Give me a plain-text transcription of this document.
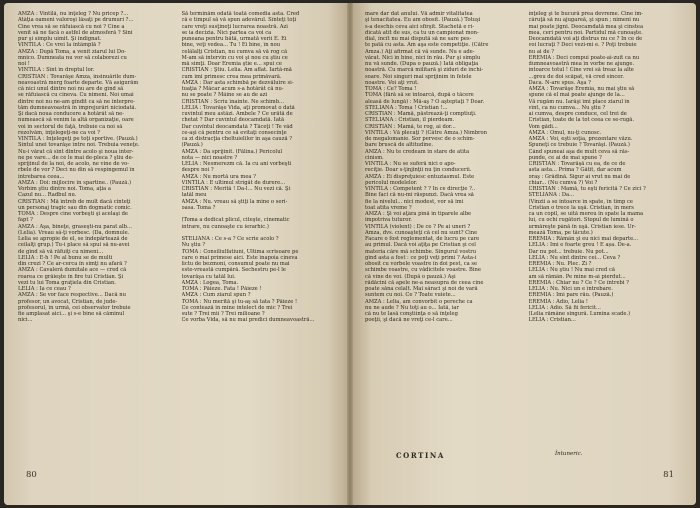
AMZA : Vintilă, nu înţeleg ? Nu pricep ?...
Atâţia oameni valoroşi lăsaţi pe drumuri ?...
Cine vrea să se răfuiască cu noi ? Cine a
venit să ne facă o astfel de atmosferă ? Sini
pur şi simplu uimit. Şi indignat.
VINTILĂ : Ce vrei la întâmplă ?
AMZA : După Toma, a venit ziarul lui Do-
mnico. Dumneata nu vor să colaborezi cu
noi !
VINTILĂ : Sînt în dreptul lor.
CRISTIAN : Tovarăşe Amza, insinuările dum-
neavoastră merg foarte departe. Vă asigurăm
că nici unul dintre noi nu are de gînd să
se răfuiască cu cineva. Cu nimeni. Noi umai
dintre noi nu ne-am gîndit ca să ne interpre-
tăm dumneavoastră în împrejurări niciodată.
Şi dacă noua conducere a hotărât să ne-
numească să venim la altă organizaţie, oare
voi în sectorul de faţă, trebuie ca noi să
rezolvăm, înţelegeţi-ne ca voi ?
VINTILĂ : Inţelegeţi pe toţi sportive. (Pauză.)
Sintul unei tovarăşe între noi. Trebuia veneţe.
Nu-i vărat că sînt dintre acolo şi noua inter-
ne pe vare... de ce le mai de-pleca ? ştiu de-
sprijinul de la noi, de acolo, ne vine de vo-
rbele de vor ? Deci nu din să respingemul în
intrebarea ceea...
AMZA : Doi: mijlocire în spartine.. (Pauză.)
Vorbim ştiu dintre noi. Toma, aţia a
Cazul nu... Radbul nu.
CRISTIAN : Mă întreb de mult dacă cinteţi
un personaj tragic sau din dogmatic comic.
TOMA : Despre cine vorbeşti şi acelaşi de
fapt ?
AMZA : Aşa, bineţe, graseşti-nu parat alb...
(Lelia). Vreau să-ţi vorbesc. (Da, domnule.
Lelia se apropie de el, se îndepărtează de
ceilalţi grup.) Tu-i place să spui să nu-avei
de gînd să vă răfuiţi cu nimeni...
LELIA : E-h ! Pe al bunu se de multi
din crezi ? Ce ar-cerca în simţi nu afară ?
AMZA : Cavaleră dumitale ace — cred că
roarea ce grăieşte în fire tui Cristian. Şi
vezi tu lui Toma graţiela din Cristian.
LELIA : Ia ce ceau ?
AMZA : Se vor face respective... Dacă nu
profesor, un avocat, Cristian, de jude-
profesorul, în urmă, cei observator trebuie
fie amplasat aici... şi s-e bine să căminul
nici...
Să terminăm odată toată comedia asta. Cred
că e timpul să vă spun adevărul. Sînteţi toţi
care vreţi susţineţi lucrarea noastră. Azi
se ia decizia. Nici partea ca voi ca
puneana pentru bătă, urmată verii E. Ei
bine, veţi vedea... Tu ! Ei bine, în nou
celălalţi Cristian, nu cumva să vă rog că
M-am să intervin cu voi şi nou cu ştiu ce
mă simţi. Doar Eremia ştie e... spui ce
CRISTIAN : Ştiu. Lelia. Am aflat. Iartă-mă
cum îmi primesc crea mea primăvară.
AMZA : Dar asta schimbă pe dezvăluire si-
tuaţia ? Măcar acum s-a hotărât că nu-
nu se poate ? Mâine se au de azi
CRISTIAN : Scriu înainte. Ne schimb...
LELIA : Tovarăşe Vida, aţi promovat o dată
cuvîntul meu astăzi. Ambele ? Ce urătă de
chetat ? Dar cuvîntul deocamdată. Iată
Dar cuvîntul deocamdată ? Tăceţi ! Te văd
ce-aşi că pentru ce să evitaţi consecinţe
ca zi distracţia cheltuielilor în aşa cauză ?
(Pauză.)
AMZA : Da sprijinit. (Fălina.) Pericolul
nota — nici noastre ?
LELIA : Nesmerezm că. Ia cu ani vorbeşti
despre noi ?
AMZA : Nu mortă ura mea ?
VINTILĂ : E ultimul strigăt de durere...
CRISTIAN : Merită ! Da-l... Nu vezi că. Şi
tatăl meu
AMZA : Nu. vreau să ştiţi la mine o seri-
oasa. Toma ?

(Toma a dedicat plicul, citeşte, cinematic
intrare, nu cunoaşte cu ierarhic.)

STELIANA : Ce s-a ? Ce scrie acolo ?
Nu ştiu ?
TOMA : Consiliulfatiuni, Ultima scrisoare pe
care o mai primese aici. Este înapoia cineva
lictu de bezmoni, consumul poate nu mai
este-vreastă cumpără. Sechestru pe-l le
tovarăşa cu tatăl lui.
AMZA : Logea, Toma.
TOMA : Păieze. Fata ! Păieze !
AMZA : Cum ziarul spun ?
TOMA : Nu merită şi tu-aş să tata ? Păieze !
Ce contează în mine intelect de mic ? Trei
sute ? Trei mii ? Trei milioane ?
Ce vorba Vida, să nu mai predici dumneavoastră...
80
mare dar dat anului. Vă admir vitalitatea
şi tenacitatea. Eu am obosit. (Pauză.) Totuşi
s-a deschis ceva aici sfîrşit. Stachetă e ri-
dicată atît de sus, ca tu un campionat mon-
dial, încît nu mai dispută să ne sare pes-
te pată cu asta. Am aşa este competiţie. (Către
Amza.) Aţi afirmat că vă sunde. Nu e ade-
vărat. Nici în bine, nici în rău. Pur şi simplu
nu vă sunde. (Dupa o pauză.) Iată obligaţia
noastră. Cu marcă militară şi ziduri de închi-
soare. Noi singuri mai sprijinim în fetele
noastre. Voi aţi vrut.
TOMA : Ce? Toma !
TOMA (fără să se întoarcă, după o tăcere
aleasă de lungă) : Mă-aş ? O aşteptaţi ? Doar.
STELIANA : Toma ! Cristian !...
CRISTIAN : Mamă, păstrează-ţi comptiuţi.
STELIANA : Cristian, îl pierdeam.
CRISTIAN : Mamă, te rog, ai dor...
VINTILĂ : Vă plecaţi ? (Către Amza.) Nimbron
de megalomanie. Sor pervesc de o schim-
bare bruscă de altitudine.
AMZA : Nu te credeam în stare de atîta
cinism.
VINTILĂ : Nu se suferă nici o apo-
reciţie. Doar s-ţinjinţii nu ţin conducerii.
AMZA : Ei dispreţuiesc entuziasmul. Este
pericolul modelelor.
VINTILĂ : Competent ? ? In ce direcţie ?..
Bine faci că nu-mi răspunzi. Dacă vrea să
fie la nivelul... nici modest, vor să îmi
toat atîta vreme ?
AMZA : Şi voi aţâra pînă în tiparele albe
împotriva tuturor.
VINTILĂ (violent) : De ce ? Pe ai uneri ?
Amza, dvs. cunoaşteţi că cel nu sunt? Cine
Facare o fost reglementat, de lucru pe care
au primul. Dacă voi aţîţa pe Cristian şi cel
materia căre mă schimbe. Singurul vostru
gînd asta a fost : ce poţi veţi primi ? Asta-i
obosit cu vorbele voastre în doi pest, ca se
schimbe voastre, cu vădicitele voastre. Bine
că vine de voi. (După o pauză.) Aşi
rădăcini că apele ne-a neasupra de ceea cine
poate săna celalt. Mai săraci şi noi de vară
suntem cu noi. Ce ? Toate vuiete...
AMZA : Lelia, am convorbit o pereche ca
nu ne aude ? Nu toţi au o... Iată, iar
că nu te lasă conştiinţa o să înţeleg
poeţii, şi dacă ne vreţi ce-l care...
înţeleg şi te bucură prea devreme. Cine îm-
căruţă să nu ajugareă, şi spun ; nimeni nu
mai poate jigni. Deocamdată mea şi cinstea
mea, ceri pentru noi. Partidul mă cunoaşte.
Deocamdată voi aţi distrus nu ce ? In ce de
voi lucraţi ? Deci vezi-mi e. ? Poţi trebuie
nu ai de ?
EREMIA : Deci compui poate-ai-zuit ca nu
dumneavoastră mea în vorbe ne ajunge.
întoarce totul ! Cine vrei să treaz la alte
...greu de doi scăpat, vă cred sincer.
Daca. N-are spus. Aşa ?
AMZA : Tovarăşe Eremia, nu mai ştiu să
spune că el mai poate ajunge de la...
Vă rugăm nu. Iarăşi îmi place ziarul în
vînt, ca nu cumva... Nu ştiu ?
ai cumva, despre conduce, cel trei de
Cristian, toate de la tot ceea ce se-rugă.
Vom gădi...
AMZA : Omul, nu-ţi cunosc.
AMZA : Voi, eşti soţia, prezentare văzu.
Spuneţi ce trebuie ? Tovarăşi. (Pauză.)
Când spuneai aşa de mult ceva să răs-
punde, ce ai de mai spune ?
CRISTIAN : Tovarăşă cu ea, de ce de
asta asta... Prima ? Gătit, dar acum
oraş : Grădină. Sigur ai vrut nu mai de
chiar... (Nu cumva ?) Voi ?
CRISTIAN : Mamă, tu eşti fericită ? Ce zici ?
STELIANA : Da...
(Vînzii a se întoarce în spate, în timp ce
Cristian o trece la uşă. Cristian, în mers
ca un copil, se uită mereu în spate la mama
lui, cu ochi rugători. Stopul de lumină o
urmăreşte până în uşă. Cristian iese. Ur-
mează Toma, pe tăcute.)
EREMIA : Rămân şi eu nici mai departe...
LELIA : Îmi e foarte greu ! E așa. De-a.
Dar nu pot... trebuie. Nu pot...
LELIA : Nu sînt dintre cei... Ceva ?
EREMIA : Nu. Plec. Zi ?
LELIA : Nu ştiu ! Nu mai cred că
am să rămân. Pe mine m-ai pierdut...
EREMIA : Chiar nu ? Ce ? Ce întrebi ?
LELIA : Nu. Nici un e întrebare.
EREMIA : Îmi pare rău. (Pauză.)
EREMIA : Adio, Lelia !
LELIA : Adio. Să fii fericit...
(Lelia rămâne singură. Lumina scade.)
LELIA : Cristian...
CORTINA	Întuneric.
81
